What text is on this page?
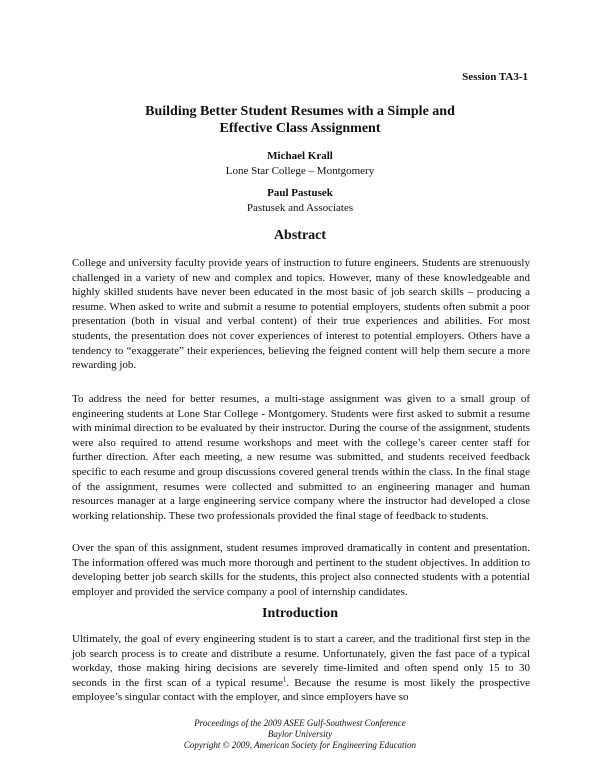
Session TA3-1
Building Better Student Resumes with a Simple and
Effective Class Assignment
Michael Krall
Lone Star College – Montgomery
Paul Pastusek
Pastusek and Associates
Abstract

College and university faculty provide years of instruction to future engineers. Students are strenuously challenged in a variety of new and complex and topics. However, many of these knowledgeable and highly skilled students have never been educated in the most basic of job search skills – producing a resume. When asked to write and submit a resume to potential employers, students often submit a poor presentation (both in visual and verbal content) of their true experiences and abilities. For most students, the presentation does not cover experiences of interest to potential employers. Others have a tendency to “exaggerate” their experiences, believing the feigned content will help them secure a more rewarding job.

To address the need for better resumes, a multi-stage assignment was given to a small group of engineering students at Lone Star College - Montgomery. Students were first asked to submit a resume with minimal direction to be evaluated by their instructor. During the course of the assignment, students were also required to attend resume workshops and meet with the college’s career center staff for further direction. After each meeting, a new resume was submitted, and students received feedback specific to each resume and group discussions covered general trends within the class. In the final stage of the assignment, resumes were collected and submitted to an engineering manager and human resources manager at a large engineering service company where the instructor had developed a close working relationship. These two professionals provided the final stage of feedback to students.

Over the span of this assignment, student resumes improved dramatically in content and presentation. The information offered was much more thorough and pertinent to the student objectives. In addition to developing better job search skills for the students, this project also connected students with a potential employer and provided the service company a pool of internship candidates.

Introduction

Ultimately, the goal of every engineering student is to start a career, and the traditional first step in the job search process is to create and distribute a resume. Unfortunately, given the fast pace of a typical workday, those making hiring decisions are severely time-limited and often spend only 15 to 30 seconds in the first scan of a typical resume$^1$. Because the resume is most likely the prospective employee’s singular contact with the employer, and since employers have so

Proceedings of the 2009 ASEE Gulf-Southwest Conference
Baylor University
Copyright © 2009, American Society for Engineering Education
